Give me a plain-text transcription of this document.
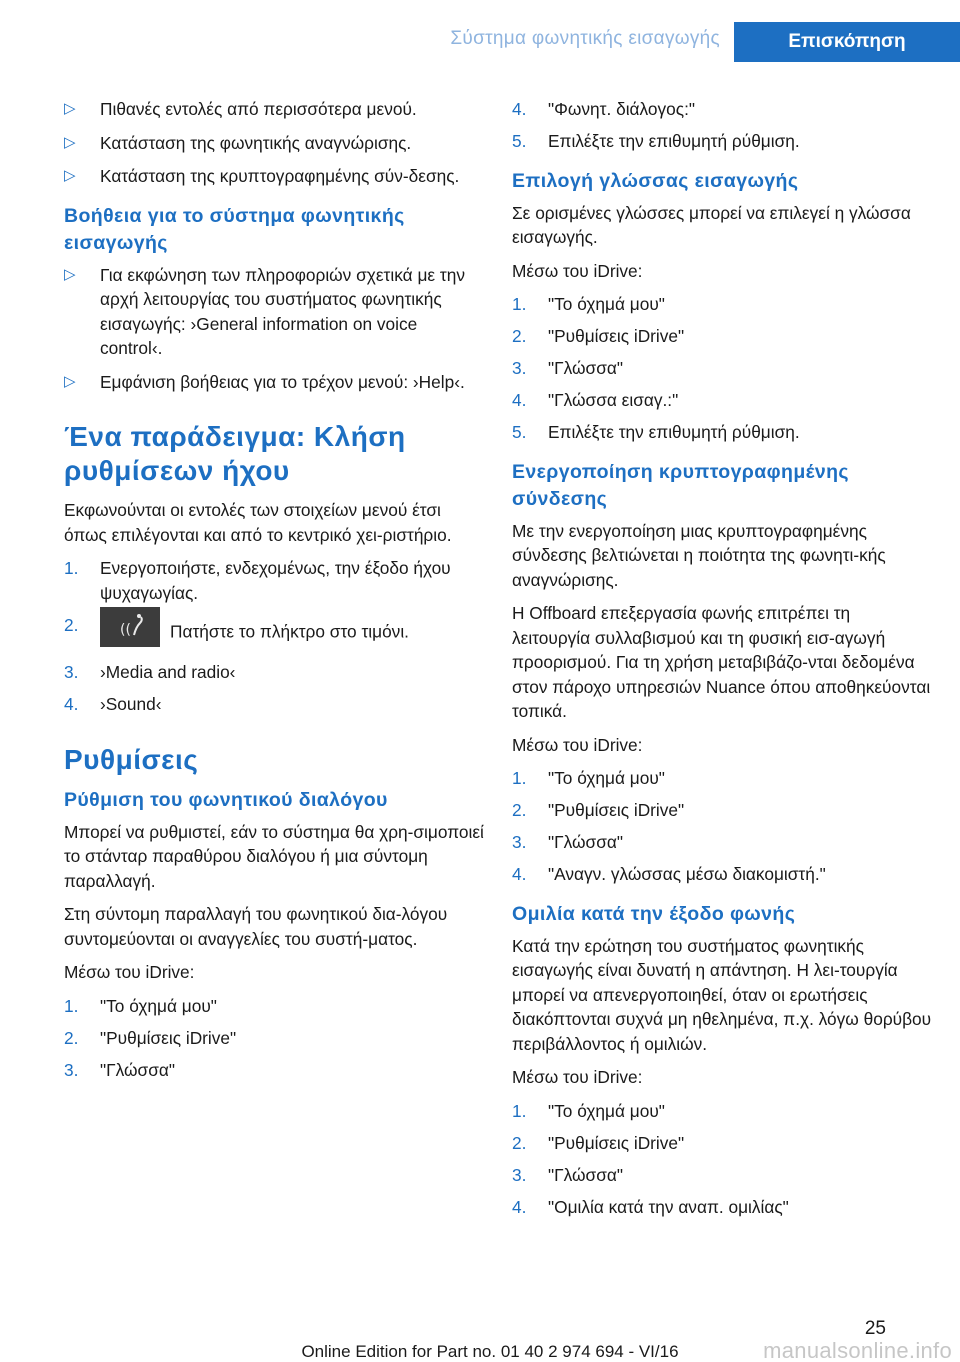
Σύστημα φωνητικής εισαγωγής	Επισκόπηση
▷ Πιθανές εντολές από περισσότερα μενού.
▷ Κατάσταση της φωνητικής αναγνώρισης.
▷ Κατάσταση της κρυπτογραφημένης σύν-δεσης.
Βοήθεια για το σύστημα φωνητικής εισαγωγής
▷ Για εκφώνηση των πληροφοριών σχετικά με την αρχή λειτουργίας του συστήματος φωνητικής εισαγωγής: ›General information on voice control‹.
▷ Εμφάνιση βοήθειας για το τρέχον μενού: ›Help‹.
Ένα παράδειγμα: Κλήση ρυθμίσεων ήχου
Εκφωνούνται οι εντολές των στοιχείων μενού έτσι όπως επιλέγονται και από το κεντρικό χει-ριστήριο.
1. Ενεργοποιήστε, ενδεχομένως, την έξοδο ήχου ψυχαγωγίας.
2.	(( Πατήστε το πλήκτρο στο τιμόνι.
3. ›Media and radio‹
4. ›Sound‹
Ρυθμίσεις
Ρύθμιση του φωνητικού διαλόγου
Μπορεί να ρυθμιστεί, εάν το σύστημα θα χρη-σιμοποιεί το στάνταρ παραθύρου διαλόγου ή μια σύντομη παραλλαγή.
Στη σύντομη παραλλαγή του φωνητικού δια-λόγου συντομεύονται οι αναγγελίες του συστή-ματος.
Μέσω του iDrive:
1. "Το όχημά μου"
2. "Ρυθμίσεις iDrive"
3. "Γλώσσα"
4. "Φωνητ. διάλογος:"
5. Επιλέξτε την επιθυμητή ρύθμιση.
Επιλογή γλώσσας εισαγωγής
Σε ορισμένες γλώσσες μπορεί να επιλεγεί η γλώσσα εισαγωγής.
Μέσω του iDrive:
1. "Το όχημά μου"
2. "Ρυθμίσεις iDrive"
3. "Γλώσσα"
4. "Γλώσσα εισαγ.:"
5. Επιλέξτε την επιθυμητή ρύθμιση.
Ενεργοποίηση κρυπτογραφημένης σύνδεσης
Με την ενεργοποίηση μιας κρυπτογραφημένης σύνδεσης βελτιώνεται η ποιότητα της φωνητι-κής αναγνώρισης.
Η Offboard επεξεργασία φωνής επιτρέπει τη λειτουργία συλλαβισμού και τη φυσική εισ-αγωγή προορισμού. Για τη χρήση μεταβιβάζο-νται δεδομένα στον πάροχο υπηρεσιών Nuance όπου αποθηκεύονται τοπικά.
Μέσω του iDrive:
1. "Το όχημά μου"
2. "Ρυθμίσεις iDrive"
3. "Γλώσσα"
4. "Αναγν. γλώσσας μέσω διακομιστή."
Ομιλία κατά την έξοδο φωνής
Κατά την ερώτηση του συστήματος φωνητικής εισαγωγής είναι δυνατή η απάντηση. Η λει-τουργία μπορεί να απενεργοποιηθεί, όταν οι ερωτήσεις διακόπτονται συχνά μη ηθελημένα, π.χ. λόγω θορύβου περιβάλλοντος ή ομιλιών.
Μέσω του iDrive:
1. "Το όχημά μου"
2. "Ρυθμίσεις iDrive"
3. "Γλώσσα"
4. "Ομιλία κατά την αναπ. ομιλίας"
25
Online Edition for Part no. 01 40 2 974 694 - VI/16	manualsonline.info
